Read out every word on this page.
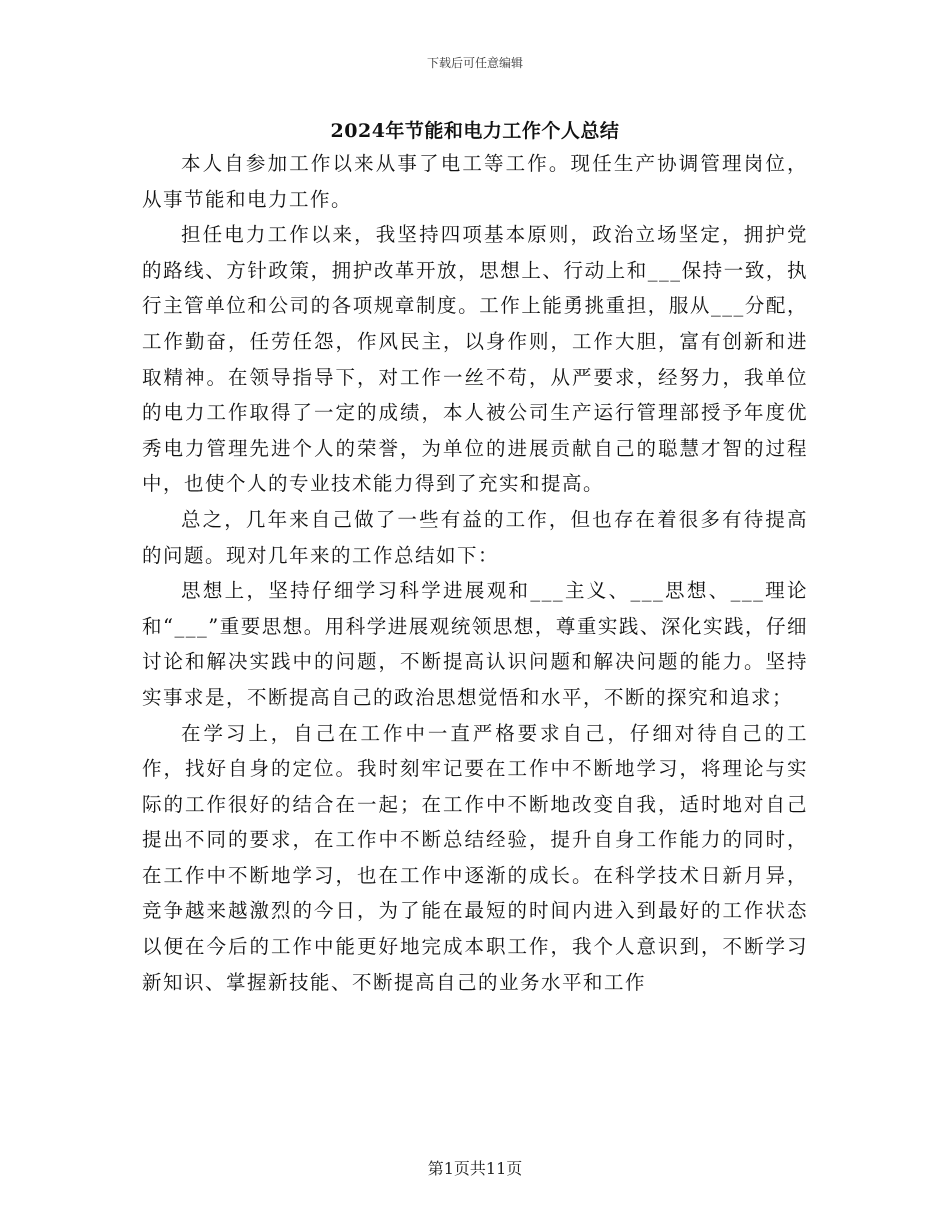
下载后可任意编辑
2024年节能和电力工作个人总结

本人自参加工作以来从事了电工等工作。现任生产协调管理岗位，从事节能和电力工作。

担任电力工作以来，我坚持四项基本原则，政治立场坚定，拥护党的路线、方针政策，拥护改革开放，思想上、行动上和___保持一致，执行主管单位和公司的各项规章制度。工作上能勇挑重担，服从___分配，工作勤奋，任劳任怨，作风民主，以身作则，工作大胆，富有创新和进取精神。在领导指导下，对工作一丝不苟，从严要求，经努力，我单位的电力工作取得了一定的成绩，本人被公司生产运行管理部授予年度优秀电力管理先进个人的荣誉，为单位的进展贡献自己的聪慧才智的过程中，也使个人的专业技术能力得到了充实和提高。

总之，几年来自己做了一些有益的工作，但也存在着很多有待提高的问题。现对几年来的工作总结如下：

思想上，坚持仔细学习科学进展观和___主义、___思想、___理论和“___”重要思想。用科学进展观统领思想，尊重实践、深化实践，仔细讨论和解决实践中的问题，不断提高认识问题和解决问题的能力。坚持实事求是，不断提高自己的政治思想觉悟和水平，不断的探究和追求；

在学习上，自己在工作中一直严格要求自己，仔细对待自己的工作，找好自身的定位。我时刻牢记要在工作中不断地学习，将理论与实际的工作很好的结合在一起；在工作中不断地改变自我，适时地对自己提出不同的要求，在工作中不断总结经验，提升自身工作能力的同时，在工作中不断地学习，也在工作中逐渐的成长。在科学技术日新月异，竞争越来越激烈的今日，为了能在最短的时间内进入到最好的工作状态以便在今后的工作中能更好地完成本职工作，我个人意识到，不断学习新知识、掌握新技能、不断提高自己的业务水平和工作

第1页共11页
